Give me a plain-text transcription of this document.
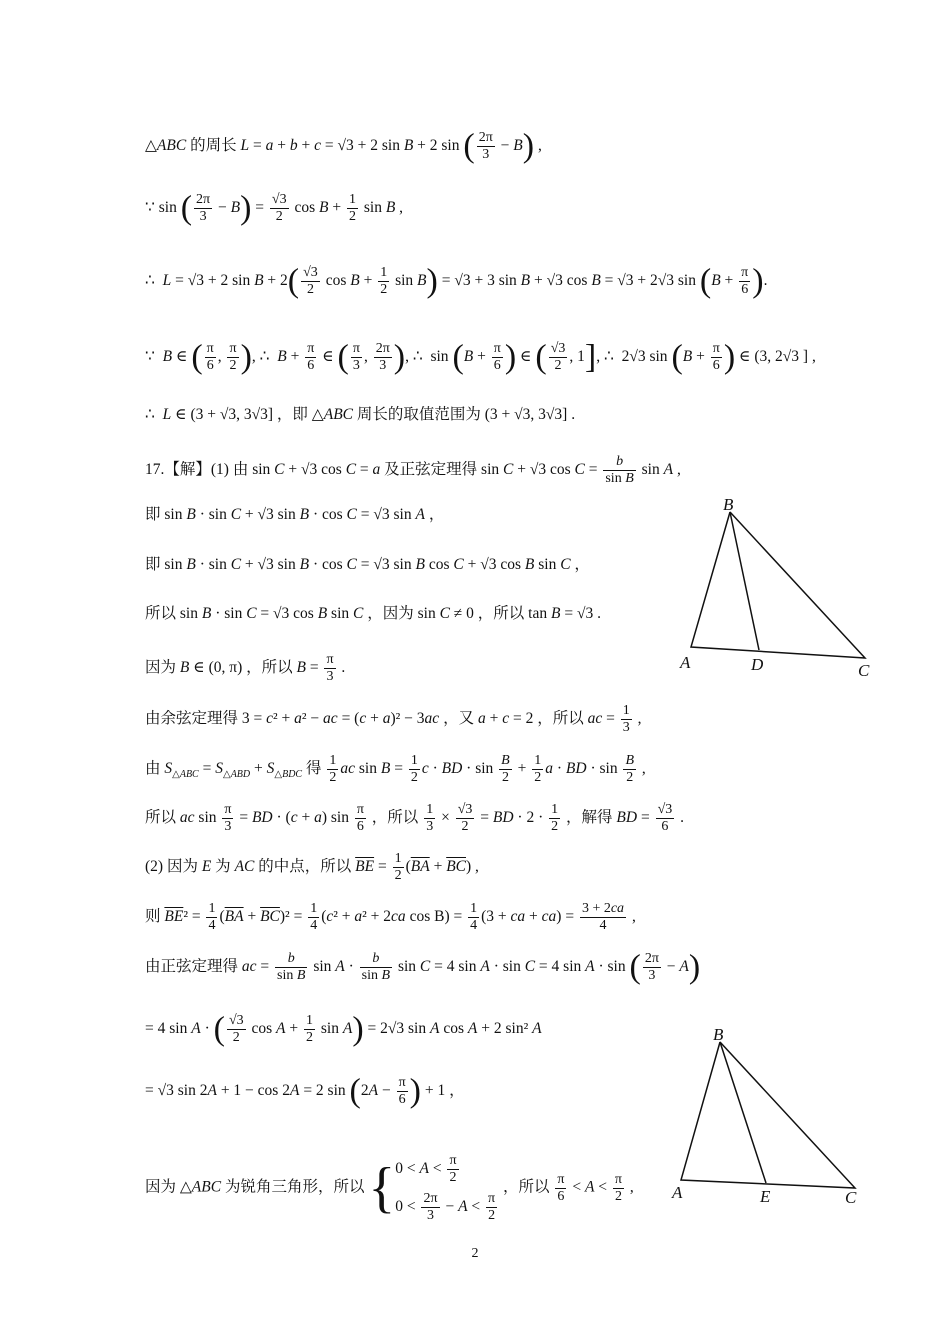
△ABC 的周长 L = a + b + c = √3 + 2 sin B + 2 sin ( $\frac{2\pi}{3} - B$) ,
∵ sin ( $\frac{2\pi}{3} - B) = \frac{√3}{2}$ $\cos B + \frac{1}{2}$ sin B ,
∴  L = √3 + 2 $\sin B + 2( \frac{√3}{2}$ $\cos B + \frac{1}{2}$ sin B) = √3 + 3 sin B + √3 cos B = √3 + 2√3 $\sin (B + \frac{\pi}{6}$ ).
∵  B ∈ ( $\frac{\pi}{6}$ , $\frac{\pi}{2}$ ), ∴  $B + \frac{\pi}{6}$ ∈ ( $\frac{\pi}{3}$ , $\frac{2\pi}{3}$ ), ∴  $\sin (B + \frac{\pi}{6}$ ) ∈ ( $\frac{√3}{2}$ , 1], ∴  2√3 $\sin (B + \frac{\pi}{6}$ ) ∈ (3, 2√3 ] ,
∴  L ∈ (3 + √3, 3√3] ，即 △ABC 周长的取值范围为 (3 + √3, 3√3] .
17.【解】(1) 由 sin C + √3 cos C = a 及正弦定理得 sin C + √3 $\cos C = \frac{b}{\text{sin B}}$ sin A ,
即 sin B · sin C + √3 sin B · cos C = √3 sin A ，
即 sin B · sin C + √3 sin B · cos C = √3 sin B cos C + √3 cos B sin C ，
所以 sin B · sin C = √3 cos B sin C ，因为 sin C ≠ 0 ，所以 tan B = √3 .
因为 B ∈ (0, π) ，所以 $B = \frac{\pi}{3}$ .
由余弦定理得 3 = c² + a² − ac = (c + a)² − 3ac ，又 a + c = 2 ，所以 ac = $\frac{1}{3}$ ,
由 $S_{\triangle ABC} = S_{\triangle ABD} + S_{\triangle BDC}$ 得 $\frac{1}{2}$ ac $\sin B = \frac{1}{2}$ c · BD · $\sin \frac{B}{2} + \frac{1}{2}$ a · BD · $\sin \frac{B}{2}$ ,
所以 ac $\sin \frac{\pi}{3}$ = BD · (c + a) $\sin \frac{\pi}{6}$ ，所以 $\frac{1}{3} \times \frac{√3}{2}$ = BD · $2 \cdot \frac{1}{2}$ ，解得 BD = $\frac{√3}{6}$ .
(2) 因为 E 为 AC 的中点，所以 $\overline{BE} = \frac{1}{2} (\overline{BA} + \overline{BC})$ ,
则 $\overline{BE}^2 = \frac{1}{4} (\overline{BA} + \overline{BC})^2 = \frac{1}{4} (c^2 + a^2 + 2ca$ $\cos B) = \frac{1}{4} (3$ + ca + $ca) = \frac{3 + 2ca}{4}$ ,
由正弦定理得 ac = $\frac{b}{\text{sin B}}$ $\sin A \cdot \frac{b}{\text{sin B}}$ sin C = 4 sin A · sin C = 4 sin A · sin ( $\frac{2\pi}{3} - A$)
= 4 sin A · ( $\frac{√3}{2}$ $\cos A + \frac{1}{2}$ sin A) = 2√3 sin A cos A + 2 sin² A
= √3 sin 2A + 1 − cos 2A = 2 $\sin (2A - \frac{\pi}{6}$ ) + 1 ，
因为 △ABC 为锐角三角形，所以 {$0 < A < \frac{\pi}{2}$

$0 < \frac{2\pi}{3} - A < \frac{\pi}{2}$
，所以 $\frac{\pi}{6} < A < \frac{\pi}{2}$ ,
B
A	D	C
B
A	E	C
2
